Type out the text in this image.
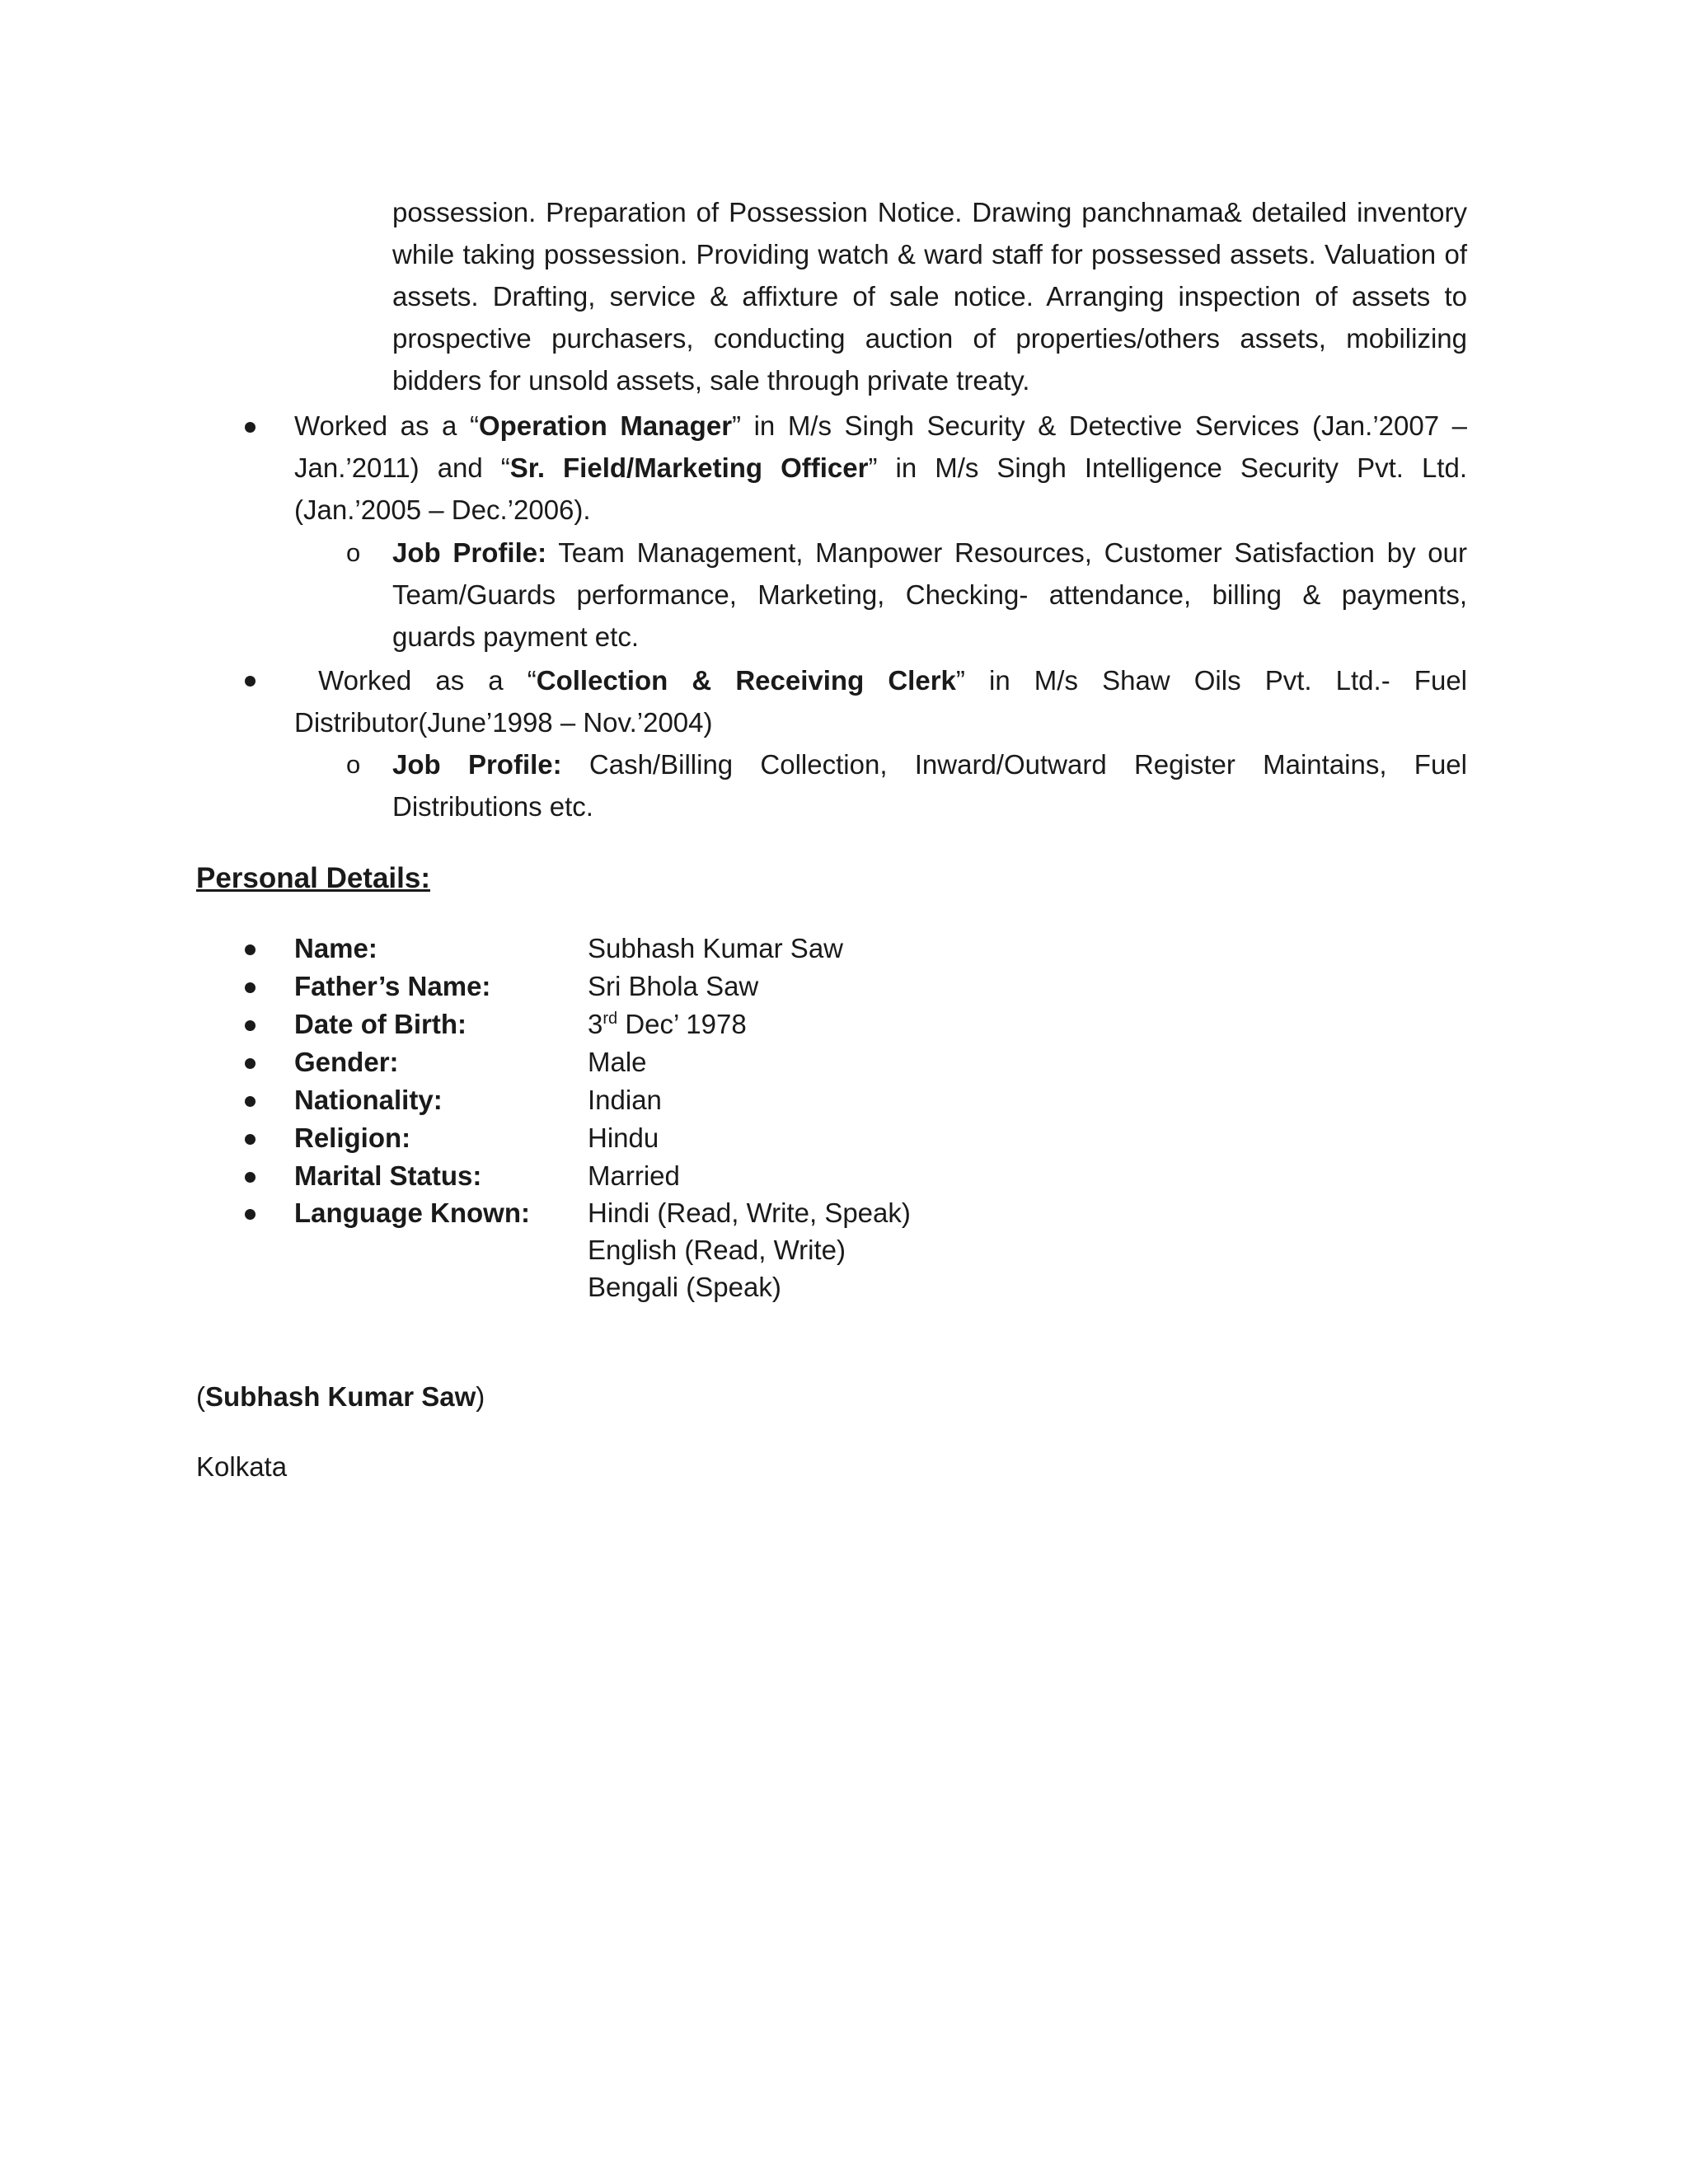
possession. Preparation of Possession Notice. Drawing panchnama& detailed inventory
while taking possession. Providing watch & ward staff for possessed assets. Valuation of
assets. Drafting, service & affixture of sale notice. Arranging inspection of assets to
prospective purchasers, conducting auction of properties/others assets, mobilizing
bidders for unsold assets, sale through private treaty.
Worked as a “Operation Manager” in M/s Singh Security & Detective Services (Jan.’2007 –
Jan.’2011) and “Sr. Field/Marketing Officer” in M/s Singh Intelligence Security Pvt. Ltd.
(Jan.’2005 – Dec.’2006).
o Job Profile: Team Management, Manpower Resources, Customer Satisfaction by our
Team/Guards performance, Marketing, Checking- attendance, billing & payments,
guards payment etc.
Worked as a “Collection & Receiving Clerk” in M/s Shaw Oils Pvt. Ltd.- Fuel
Distributor(June’1998 – Nov.’2004)
o Job Profile: Cash/Billing Collection, Inward/Outward Register Maintains, Fuel
Distributions etc.
Personal Details:
Name:	Subhash Kumar Saw
Father’s Name:	Sri Bhola Saw
Date of Birth:	3rd Dec’ 1978
Gender:	Male
Nationality:	Indian
Religion:	Hindu
Marital Status:	Married
Language Known: Hindi (Read, Write, Speak)
English (Read, Write)
Bengali (Speak)
(Subhash Kumar Saw)
Kolkata
